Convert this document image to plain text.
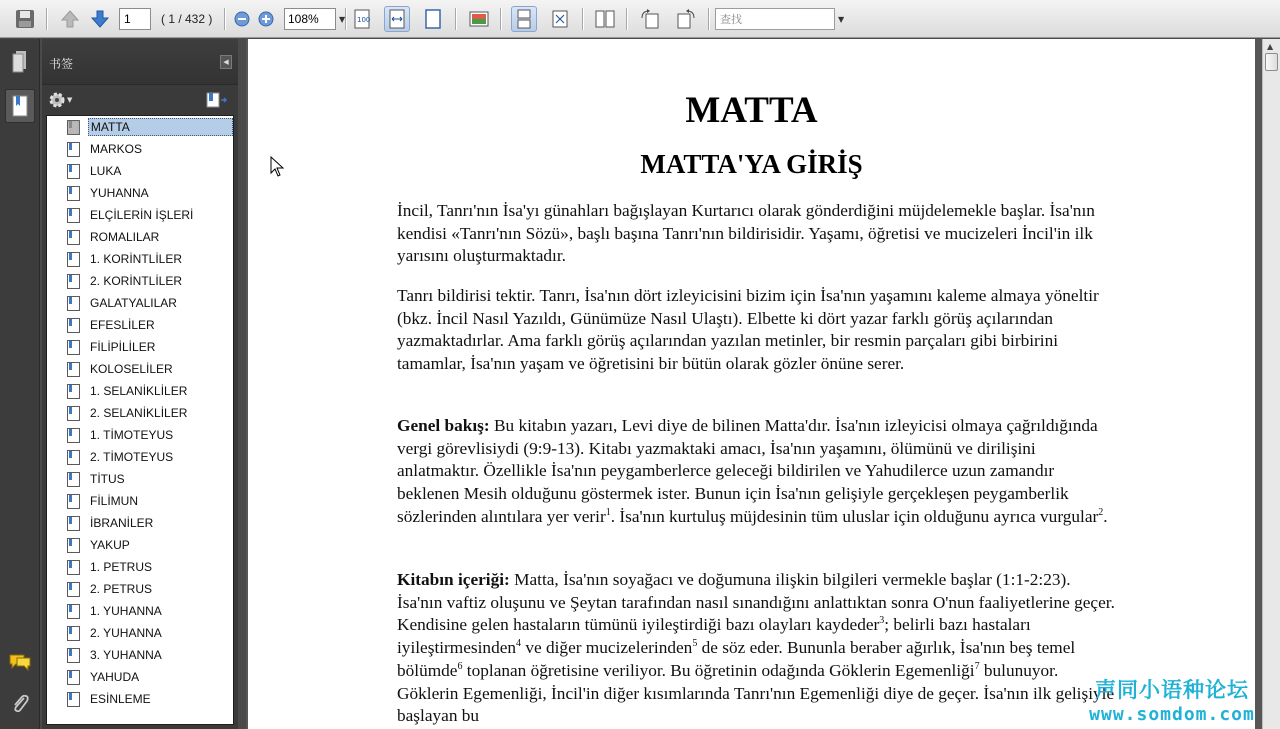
1	( 1 / 432 )	108%	▼ 100	查找	▼
书签	◀
▼
MATTA
MARKOS
LUKA
YUHANNA
ELÇİLERİN İŞLERİ
ROMALILAR
1. KORİNTLİLER
2. KORİNTLİLER
GALATYALILAR
EFESLİLER
FİLİPİLİLER
KOLOSELİLER
1. SELANİKLİLER
2. SELANİKLİLER
1. TİMOTEYUS
2. TİMOTEYUS
TİTUS
FİLİMUN
İBRANİLER
YAKUP
1. PETRUS
2. PETRUS
1. YUHANNA
2. YUHANNA
3. YUHANNA
YAHUDA
ESİNLEME
MATTA
MATTA'YA GİRİŞ
İncil, Tanrı'nın İsa'yı günahları bağışlayan Kurtarıcı olarak gönderdiğini müjdelemekle başlar. İsa'nın kendisi «Tanrı'nın Sözü», başlı başına Tanrı'nın bildirisidir. Yaşamı, öğretisi ve mucizeleri İncil'in ilk yarısını oluşturmaktadır.
Tanrı bildirisi tektir. Tanrı, İsa'nın dört izleyicisini bizim için İsa'nın yaşamını kaleme almaya yöneltir (bkz. İncil Nasıl Yazıldı, Günümüze Nasıl Ulaştı). Elbette ki dört yazar farklı görüş açılarından yazmaktadırlar. Ama farklı görüş açılarından yazılan metinler, bir resmin parçaları gibi birbirini tamamlar, İsa'nın yaşam ve öğretisini bir bütün olarak gözler önüne serer.
Genel bakış: Bu kitabın yazarı, Levi diye de bilinen Matta'dır. İsa'nın izleyicisi olmaya çağrıldığında vergi görevlisiydi (9:9-13). Kitabı yazmaktaki amacı, İsa'nın yaşamını, ölümünü ve dirilişini anlatmaktır. Özellikle İsa'nın peygamberlerce geleceği bildirilen ve Yahudilerce uzun zamandır beklenen Mesih olduğunu göstermek ister. Bunun için İsa'nın gelişiyle gerçekleşen peygamberlik sözlerinden alıntılara yer verir$^1$. İsa'nın kurtuluş müjdesinin tüm uluslar için olduğunu ayrıca vurgular$^2$.
Kitabın içeriği: Matta, İsa'nın soyağacı ve doğumuna ilişkin bilgileri vermekle başlar (1:1-2:23). İsa'nın vaftiz oluşunu ve Şeytan tarafından nasıl sınandığını anlattıktan sonra O'nun faaliyetlerine geçer. Kendisine gelen hastaların tümünü iyileştirdiği bazı olayları kaydeder$^3$; belirli bazı hastaları iyileştirmesinden$^4$ ve diğer mucizelerinden$^5$ de söz eder. Bununla beraber ağırlık, İsa'nın beş temel bölümde$^6$ toplanan öğretisine veriliyor. Bu öğretinin odağında Göklerin Egemenliği$^7$ bulunuyor. Göklerin Egemenliği, İncil'in diğer kısımlarında Tanrı'nın Egemenliği diye de geçer. İsa'nın ilk gelişiyle başlayan bu
▲
声同小语种论坛
www.somdom.com
